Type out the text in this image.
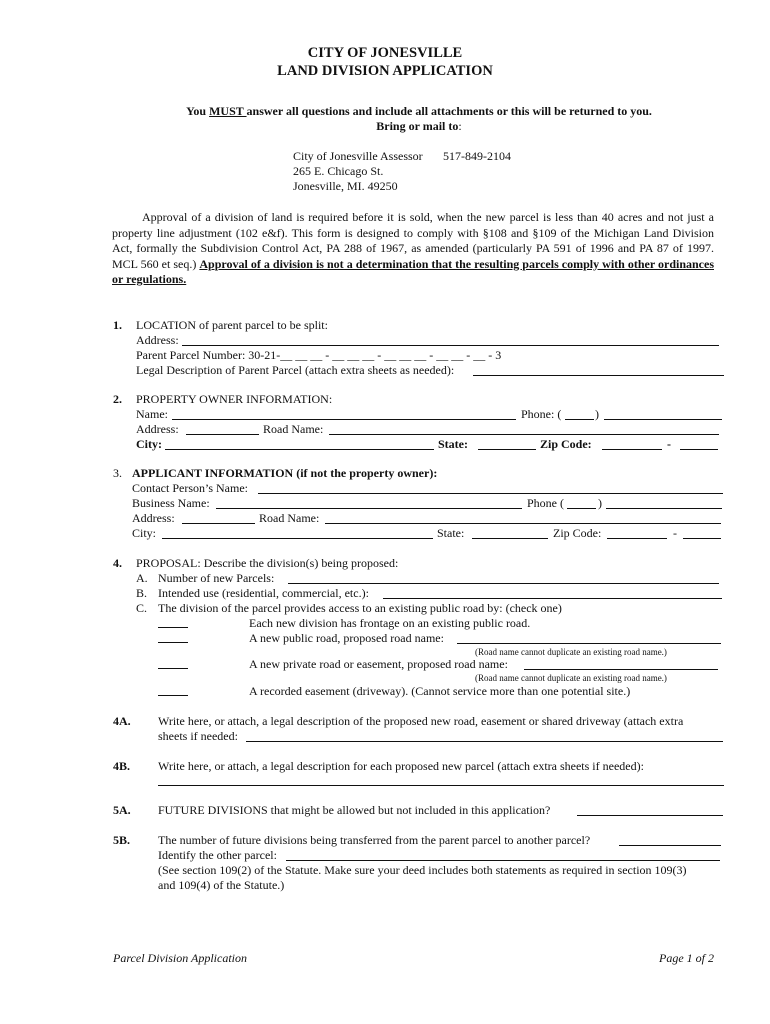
CITY OF JONESVILLE
LAND DIVISION APPLICATION
You MUST answer all questions and include all attachments or this will be returned to you.
Bring or mail to:
City of Jonesville Assessor 517-849-2104
265 E. Chicago St.
Jonesville, MI. 49250
Approval of a division of land is required before it is sold, when the new parcel is less than 40 acres and not just a property line adjustment (102 e&f). This form is designed to comply with §108 and §109 of the Michigan Land Division Act, formally the Subdivision Control Act, PA 288 of 1967, as amended (particularly PA 591 of 1996 and PA 87 of 1997. MCL 560 et seq.) Approval of a division is not a determination that the resulting parcels comply with other ordinances or regulations.
1. LOCATION of parent parcel to be split:
Address:
Parent Parcel Number: 30-21-__ __ __ - __ __ __ - __ __ __ - __ __ - __ - 3
Legal Description of Parent Parcel (attach extra sheets as needed):
2. PROPERTY OWNER INFORMATION:
Name:	Phone: (	)
Address:	Road Name:
City:	State:	Zip Code:	-
3. APPLICANT INFORMATION (if not the property owner):
Contact Person’s Name:
Business Name:	Phone (	)
Address:	Road Name:
City:	State:	Zip Code:	-
4. PROPOSAL: Describe the division(s) being proposed:
A. Number of new Parcels:
B. Intended use (residential, commercial, etc.):
C. The division of the parcel provides access to an existing public road by: (check one)
Each new division has frontage on an existing public road.
A new public road, proposed road name:
(Road name cannot duplicate an existing road name.)
A new private road or easement, proposed road name:
(Road name cannot duplicate an existing road name.)
A recorded easement (driveway). (Cannot service more than one potential site.)
4A. Write here, or attach, a legal description of the proposed new road, easement or shared driveway (attach extra
sheets if needed:
4B. Write here, or attach, a legal description for each proposed new parcel (attach extra sheets if needed):
5A. FUTURE DIVISIONS that might be allowed but not included in this application?
5B. The number of future divisions being transferred from the parent parcel to another parcel?
Identify the other parcel:
(See section 109(2) of the Statute. Make sure your deed includes both statements as required in section 109(3)
and 109(4) of the Statute.)
Parcel Division Application	Page 1 of 2
